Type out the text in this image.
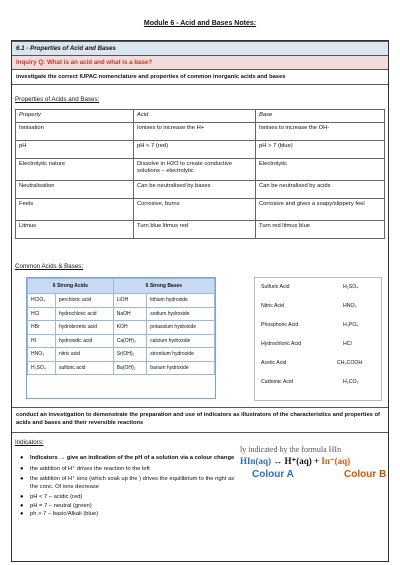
Module 6 - Acid and Bases Notes:
6.1 - Properties of Acid and Bases
Inquiry Q: What is an acid and what is a base?
investigate the correct IUPAC nomenclature and properties of common inorganic acids and bases
Properties of Acids and Bases:
Property	Acid	Base
Ionisation	Ionises to increase the H+	Ionises to increase the OH-
pH	pH < 7 (red)	pH > 7 (blue)
Electrolytic nature	Dissolve in H2O to create conductive solutions – electrolytic	Electrolytic
Neutralisation	Can be neutralised by bases	Can be neutralised by acids
Feels	Corrosive, burns	Corrosive and gives a soapy/slippery feel
Litmus	Turn blue litmus red	Turn red litmus blue
Common Acids & Bases:
6 Strong Acids		6 Strong Bases	
HClO₄	perchloric acid	LiOH	lithium hydroxide
HCl	hydrochloric acid	NaOH	sodium hydroxide
HBr	hydrobromic acid	KOH	potassium hydroxide
HI	hydroiodic acid	Ca(OH)₂	calcium hydroxide
HNO₃	nitric acid	Sr(OH)₂	strontium hydroxide
H₂SO₄	sulfuric acid	Ba(OH)₂	barium hydroxide
Sulfuric Acid	H₂SO₄
Nitric Acid	HNO₃
Phosphoric Acid	H₃PO₄
Hydrochloric Acid	HCl
Acetic Acid	CH₃COOH
Carbonic Acid	H₂CO₃
conduct an investigation to demonstrate the preparation and use of indicators as illustrators of the characteristics and properties of acids and bases and their reversible reactions
Indicators:
● Indicators → give an indication of the pH of a solution via a colour change
● the addition of H⁺ drives the reaction to the left
● the addition of H⁺ ions (which soak up the ) drives the equilibrium to the right as the conc. Of ions decrease
● pH < 7 – acidic (red)
● pH = 7 – neutral (green)
● ph > 7 – basic/Alkali (blue)
ly indicated by the formula HIn
HIn(aq) ↔ H⁺(aq) + In⁻(aq)
Colour A	Colour B
